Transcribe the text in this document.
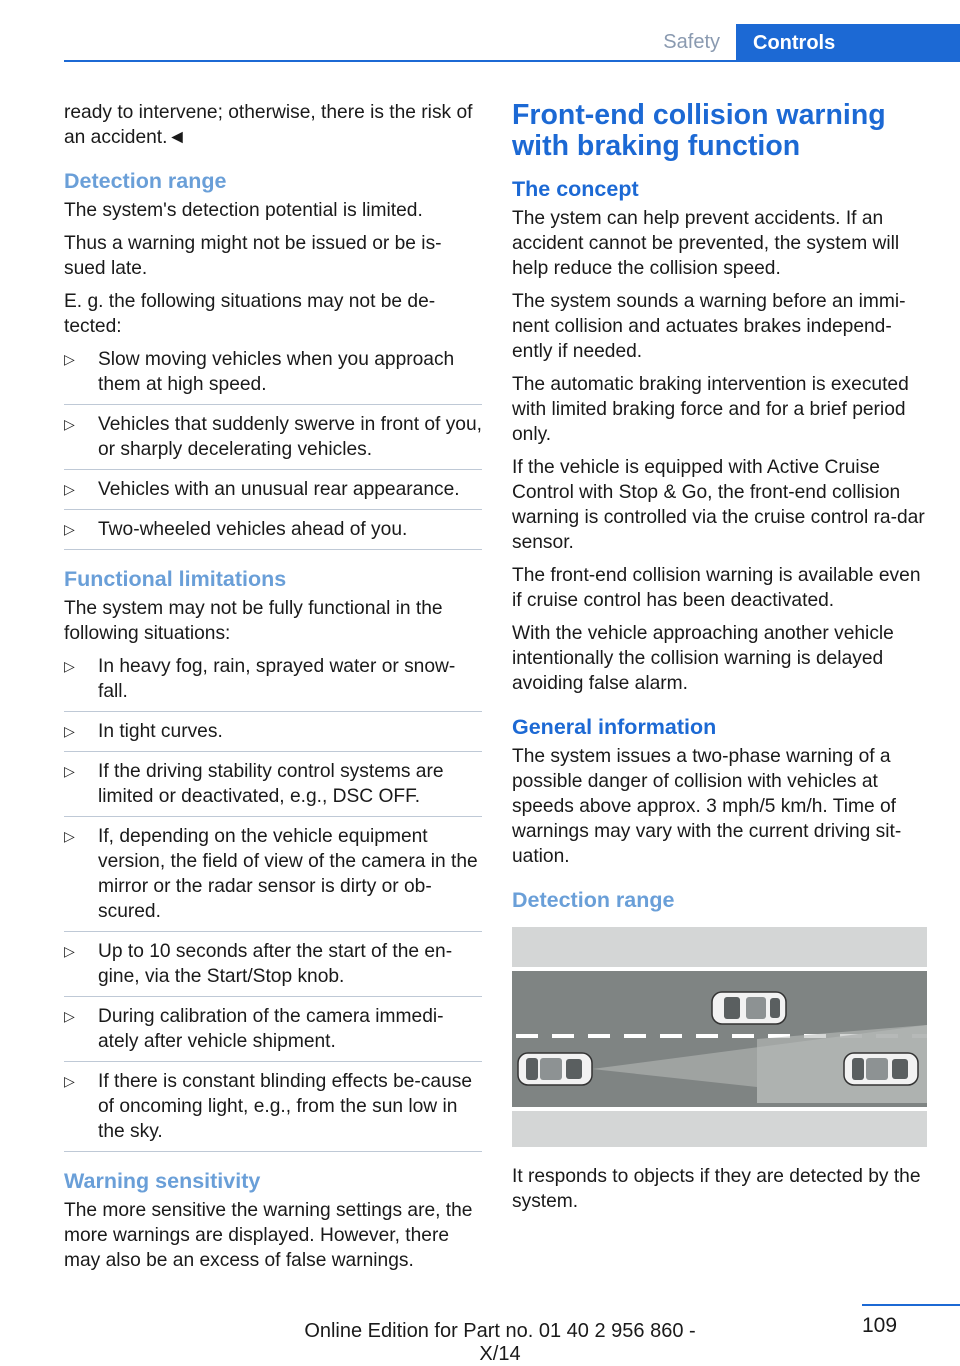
Safety	Controls

ready to intervene; otherwise, there is the risk of an accident.◄

Detection range

The system's detection potential is limited.

Thus a warning might not be issued or be is‐sued late.

E. g. the following situations may not be de‐tected:

▷ Slow moving vehicles when you approach them at high speed.
▷ Vehicles that suddenly swerve in front of you, or sharply decelerating vehicles.
▷ Vehicles with an unusual rear appearance.
▷ Two-wheeled vehicles ahead of you.
Functional limitations

The system may not be fully functional in the following situations:

▷ In heavy fog, rain, sprayed water or snow‐fall.
▷ In tight curves.
▷ If the driving stability control systems are limited or deactivated, e.g., DSC OFF.
▷ If, depending on the vehicle equipment version, the field of view of the camera in the mirror or the radar sensor is dirty or ob‐scured.
▷ Up to 10 seconds after the start of the en‐gine, via the Start/Stop knob.
▷ During calibration of the camera immedi‐ately after vehicle shipment.
▷ If there is constant blinding effects be‐cause of oncoming light, e.g., from the sun low in the sky.
Warning sensitivity

The more sensitive the warning settings are, the more warnings are displayed. However, there may also be an excess of false warnings.

Front-end collision warning with braking function
The concept

The ystem can help prevent accidents. If an accident cannot be prevented, the system will help reduce the collision speed.

The system sounds a warning before an immi‐nent collision and actuates brakes independ‐ently if needed.

The automatic braking intervention is executed with limited braking force and for a brief period only.

If the vehicle is equipped with Active Cruise Control with Stop & Go, the front-end collision warning is controlled via the cruise control ra‐dar sensor.

The front-end collision warning is available even if cruise control has been deactivated.

With the vehicle approaching another vehicle intentionally the collision warning is delayed avoiding false alarm.

General information

The system issues a two-phase warning of a possible danger of collision with vehicles at speeds above approx. 3 mph/5 km/h. Time of warnings may vary with the current driving sit‐uation.

Detection range

It responds to objects if they are detected by the system.

109
Online Edition for Part no. 01 40 2 956 860 - X/14
